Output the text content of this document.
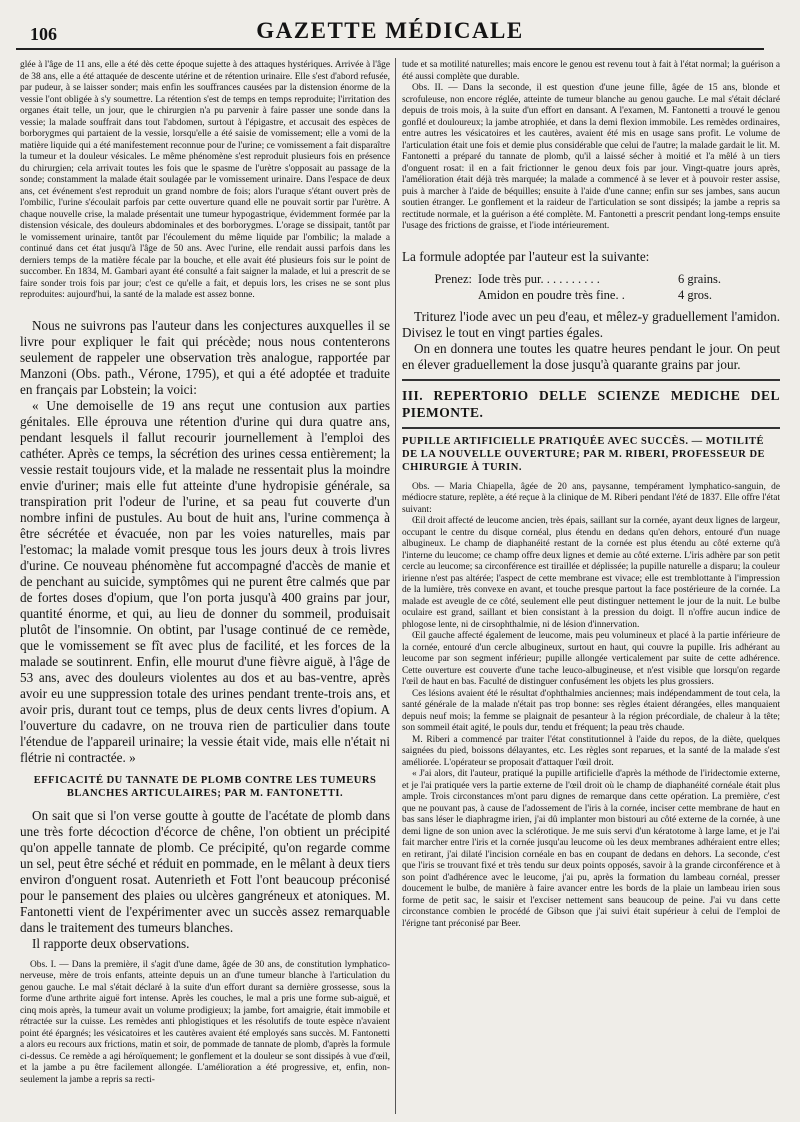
106	GAZETTE MÉDICALE

glée à l'âge de 11 ans, elle a été dès cette époque sujette à des attaques hystériques. Arrivée à l'âge de 38 ans, elle a été attaquée de descente utérine et de rétention urinaire. Elle s'est d'abord refusée, par pudeur, à se laisser sonder; mais enfin les souffrances causées par la distension énorme de la vessie l'ont obligée à s'y soumettre. La rétention s'est de temps en temps reproduite; l'irritation des organes était telle, un jour, que le chirurgien n'a pu parvenir à faire passer une sonde dans la vessie; la malade souffrait dans tout l'abdomen, surtout à l'épigastre, et accusait des espèces de borborygmes qui partaient de la vessie, lorsqu'elle a été saisie de vomissement; elle a vomi de la matière liquide qui a été manifestement reconnue pour de l'urine; ce vomissement a fait disparaître la tumeur et la douleur vésicales. Le même phénomène s'est reproduit plusieurs fois en présence du chirurgien; cela arrivait toutes les fois que le spasme de l'urètre s'opposait au passage de la sonde; constamment la malade était soulagée par le vomissement urinaire. Dans l'espace de deux ans, cet événement s'est reproduit un grand nombre de fois; alors l'uraque s'étant ouvert près de l'ombilic, l'urine s'écoulait parfois par cette ouverture quand elle ne pouvait sortir par l'urètre. A chaque nouvelle crise, la malade présentait une tumeur hypogastrique, évidemment formée par la distension vésicale, des douleurs abdominales et des borborygmes. L'orage se dissipait, tantôt par le vomissement urinaire, tantôt par l'écoulement du même liquide par l'ombilic; la malade a continué dans cet état jusqu'à l'âge de 50 ans. Avec l'urine, elle rendait aussi parfois dans les derniers temps de la matière fécale par la bouche, et elle avait été plusieurs fois sur le point de succomber. En 1834, M. Gambari ayant été consulté a fait saigner la malade, et lui a prescrit de se faire sonder trois fois par jour; c'est ce qu'elle a fait, et depuis lors, les crises ne se sont plus reproduites: aujourd'hui, la santé de la malade est assez bonne.

Nous ne suivrons pas l'auteur dans les conjectures auxquelles il se livre pour expliquer le fait qui précède; nous nous contenterons seulement de rappeler une observation très analogue, rapportée par Manzoni (Obs. path., Vérone, 1795), et qui a été adoptée et traduite en français par Lobstein; la voici:

« Une demoiselle de 19 ans reçut une contusion aux parties génitales. Elle éprouva une rétention d'urine qui dura quatre ans, pendant lesquels il fallut recourir journellement à l'emploi des cathéter. Après ce temps, la sécrétion des urines cessa entièrement; la vessie restait toujours vide, et la malade ne ressentait plus la moindre envie d'uriner; mais elle fut atteinte d'une hydropisie générale, sa transpiration prit l'odeur de l'urine, et sa peau fut couverte d'un nombre infini de pustules. Au bout de huit ans, l'urine commença à être sécrétée et évacuée, non par les voies naturelles, mais par l'estomac; la malade vomit presque tous les jours deux à trois livres d'urine. Ce nouveau phénomène fut accompagné d'accès de manie et de penchant au suicide, symptômes qui ne purent être calmés que par de fortes doses d'opium, que l'on porta jusqu'à 400 grains par jour, quantité énorme, et qui, au lieu de donner du sommeil, produisait plutôt de l'insomnie. On obtint, par l'usage continué de ce remède, que le vomissement se fît avec plus de facilité, et les forces de la malade se soutinrent. Enfin, elle mourut d'une fièvre aiguë, à l'âge de 53 ans, avec des douleurs violentes au dos et au bas-ventre, après avoir eu une suppression totale des urines pendant trente-trois ans, et avoir pris, durant tout ce temps, plus de deux cents livres d'opium. A l'ouverture du cadavre, on ne trouva rien de particulier dans toute l'étendue de l'appareil urinaire; la vessie était vide, mais elle n'était ni flétrie ni contractée. »

EFFICACITÉ DU TANNATE DE PLOMB CONTRE LES TUMEURS BLANCHES ARTICULAIRES; PAR M. FANTONETTI.

On sait que si l'on verse goutte à goutte de l'acétate de plomb dans une très forte décoction d'écorce de chêne, l'on obtient un précipité qu'on appelle tannate de plomb. Ce précipité, qu'on regarde comme un sel, peut être séché et réduit en pommade, en le mêlant à deux tiers environ d'onguent rosat. Autenrieth et Fott l'ont beaucoup préconisé pour le pansement des plaies ou ulcères gangréneux et atoniques. M. Fantonetti vient de l'expérimenter avec un succès assez remarquable dans le traitement des tumeurs blanches.

Il rapporte deux observations.

Obs. I. — Dans la première, il s'agit d'une dame, âgée de 30 ans, de constitution lymphatico-nerveuse, mère de trois enfants, atteinte depuis un an d'une tumeur blanche à l'articulation du genou gauche. Le mal s'était déclaré à la suite d'un effort durant sa dernière grossesse, sous la forme d'une arthrite aiguë fort intense. Après les couches, le mal a pris une forme sub-aiguë, et cinq mois après, la tumeur avait un volume prodigieux; la jambe, fort amaigrie, était immobile et rétractée sur la cuisse. Les remèdes anti phlogistiques et les résolutifs de toute espèce n'avaient point été épargnés; les vésicatoires et les cautères avaient été employés sans succès. M. Fantonetti a alors eu recours aux frictions, matin et soir, de pommade de tannate de plomb, d'après la formule ci-dessus. Ce remède a agi héroïquement; le gonflement et la douleur se sont dissipés à vue d'œil, et la jambe a pu être facilement allongée. L'amélioration a été progressive, et, enfin, non-seulement la jambe a repris sa recti-

tude et sa motilité naturelles; mais encore le genou est revenu tout à fait à l'état normal; la guérison a été aussi complète que durable.

Obs. II. — Dans la seconde, il est question d'une jeune fille, âgée de 15 ans, blonde et scrofuleuse, non encore réglée, atteinte de tumeur blanche au genou gauche. Le mal s'était déclaré depuis de trois mois, à la suite d'un effort en dansant. A l'examen, M. Fantonetti a trouvé le genou gonflé et douloureux; la jambe atrophiée, et dans la demi flexion immobile. Les remèdes ordinaires, entre autres les vésicatoires et les cautères, avaient été mis en usage sans profit. Le volume de l'articulation était une fois et demie plus considérable que celui de l'autre; la malade gardait le lit. M. Fantonetti a préparé du tannate de plomb, qu'il a laissé sécher à moitié et l'a mêlé à un tiers d'onguent rosat: il en a fait frictionner le genou deux fois par jour. Vingt-quatre jours après, l'amélioration était déjà très marquée; la malade a commencé à se lever et à pouvoir rester assise, puis à marcher à l'aide de béquilles; ensuite à l'aide d'une canne; enfin sur ses jambes, sans aucun soutien étranger. Le gonflement et la raideur de l'articulation se sont dissipés; la jambe a repris sa rectitude normale, et la guérison a été complète. M. Fantonetti a prescrit pendant long-temps ensuite l'usage des frictions de graisse, et l'iode intérieurement.

La formule adoptée par l'auteur est la suivante:

Prenez: Iode très pur. . . . . . . . . .	6 grains.
Amidon en poudre très fine. .	4 gros.

Triturez l'iode avec un peu d'eau, et mêlez-y graduellement l'amidon. Divisez le tout en vingt parties égales.

On en donnera une toutes les quatre heures pendant le jour. On peut en élever graduellement la dose jusqu'à quarante grains par jour.

III. REPERTORIO DELLE SCIENZE MEDICHE DEL PIEMONTE.

PUPILLE ARTIFICIELLE PRATIQUÉE AVEC SUCCÈS. — MOTILITÉ DE LA NOUVELLE OUVERTURE; PAR M. RIBERI, PROFESSEUR DE CHIRURGIE À TURIN.

Obs. — Maria Chiapella, âgée de 20 ans, paysanne, tempérament lymphatico-sanguin, de médiocre stature, replète, a été reçue à la clinique de M. Riberi pendant l'été de 1837. Elle offre l'état suivant:

Œil droit affecté de leucome ancien, très épais, saillant sur la cornée, ayant deux lignes de largeur, occupant le centre du disque cornéal, plus étendu en dedans qu'en dehors, entouré d'un nuage albugineux. Le champ de diaphanéité restant de la cornée est plus étendu au côté externe qu'à l'interne du leucome; ce champ offre deux lignes et demie au côté externe. L'iris adhère par son petit cercle au leucome; sa circonférence est tiraillée et déplissée; la pupille naturelle a disparu; la couleur irienne n'est pas altérée; l'aspect de cette membrane est vivace; elle est tremblottante à l'impression de la lumière, très convexe en avant, et touche presque partout la face postérieure de la cornée. La malade est aveugle de ce côté, seulement elle peut distinguer nettement le jour de la nuit. Le bulbe oculaire est grand, saillant et bien consistant à la pression du doigt. Il n'offre aucun indice de phlogose lente, ni de cirsophthalmie, ni de lésion d'innervation.

Œil gauche affecté également de leucome, mais peu volumineux et placé à la partie inférieure de la cornée, entouré d'un cercle albugineux, surtout en haut, qui couvre la pupille. Iris adhérant au leucome par son segment inférieur; pupille allongée verticalement par suite de cette adhérence. Cette ouverture est couverte d'une tache leuco-albugineuse, et n'est visible que lorsqu'on regarde l'œil de haut en bas. Faculté de distinguer confusément les objets les plus grossiers.

Ces lésions avaient été le résultat d'ophthalmies anciennes; mais indépendamment de tout cela, la santé générale de la malade n'était pas trop bonne: ses règles étaient dérangées, elles manquaient depuis neuf mois; la femme se plaignait de pesanteur à la région précordiale, de chaleur à la tête; son sommeil était agité, le pouls dur, tendu et fréquent; la peau très chaude.

M. Riberi a commencé par traiter l'état constitutionnel à l'aide du repos, de la diète, quelques saignées du pied, boissons délayantes, etc. Les règles sont reparues, et la santé de la malade s'est améliorée. L'opérateur se proposait d'attaquer l'œil droit.

« J'ai alors, dit l'auteur, pratiqué la pupille artificielle d'après la méthode de l'iridectomie externe, et je l'ai pratiquée vers la partie externe de l'œil droit où le champ de diaphanéité cornéale était plus ample. Trois circonstances m'ont paru dignes de remarque dans cette opération. La première, c'est que ne pouvant pas, à cause de l'adossement de l'iris à la cornée, inciser cette membrane de haut en bas sans léser le diaphragme irien, j'ai dû implanter mon bistouri au côté externe de la cornée, à une demi ligne de son union avec la sclérotique. Je me suis servi d'un kératotome à large lame, et je l'ai fait marcher entre l'iris et la cornée jusqu'au leucome où les deux membranes adhéraient entre elles; en retirant, j'ai dilaté l'incision cornéale en bas en coupant de dedans en dehors. La seconde, c'est que l'iris se trouvant fixé et très tendu sur deux points opposés, savoir à la grande circonférence et à son point d'adhérence avec le leucome, j'ai pu, après la formation du lambeau cornéal, presser doucement le bulbe, de manière à faire avancer entre les bords de la plaie un lambeau irien sous forme de petit sac, le saisir et l'exciser nettement sans beaucoup de peine. J'ai vu dans cette circonstance combien le procédé de Gibson que j'ai suivi était supérieur à celui de l'emploi de l'érigne tant préconisé par Beer.
